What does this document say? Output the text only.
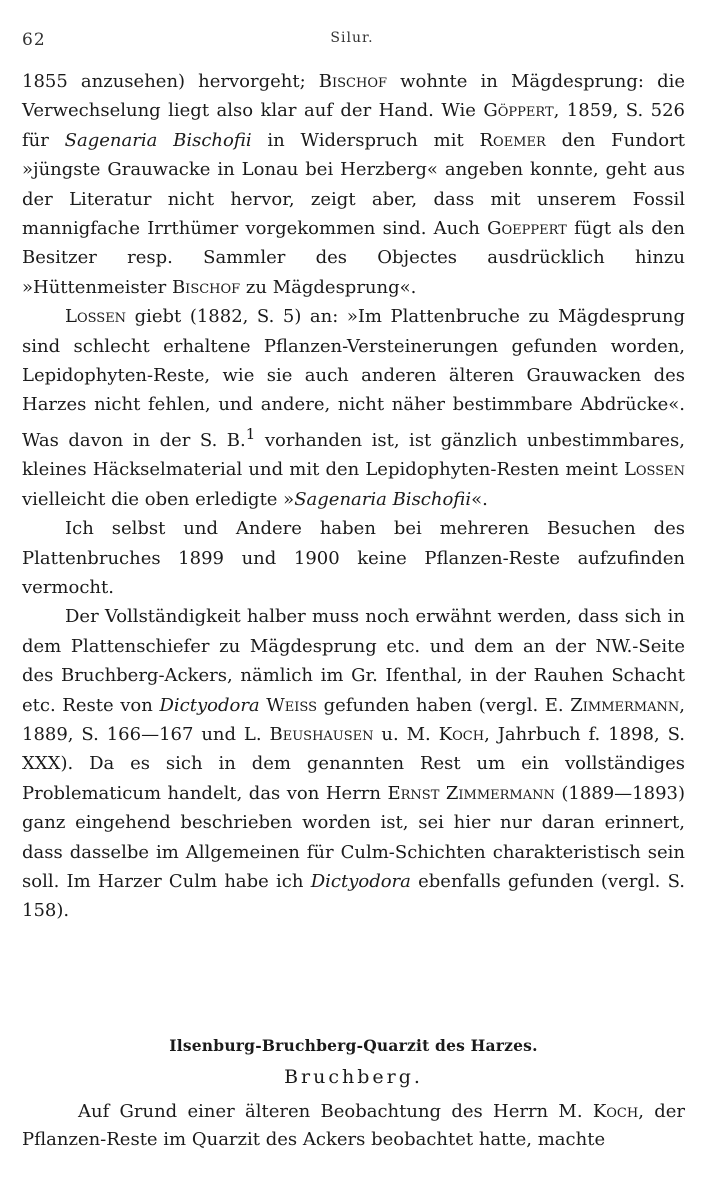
62	Silur.

1855 anzusehen) hervorgeht; Bischof wohnte in Mägdesprung: die Verwechselung liegt also klar auf der Hand. Wie Göppert, 1859, S. 526 für Sagenaria Bischofii in Widerspruch mit Roemer den Fundort »jüngste Grauwacke in Lonau bei Herzberg« angeben konnte, geht aus der Literatur nicht hervor, zeigt aber, dass mit unserem Fossil mannigfache Irrthümer vorgekommen sind. Auch Goeppert fügt als den Besitzer resp. Sammler des Objectes ausdrücklich hinzu »Hüttenmeister Bischof zu Mägdesprung«.

Lossen giebt (1882, S. 5) an: »Im Plattenbruche zu Mägdesprung sind schlecht erhaltene Pflanzen-Versteinerungen gefunden worden, Lepidophyten-Reste, wie sie auch anderen älteren Grauwacken des Harzes nicht fehlen, und andere, nicht näher bestimmbare Abdrücke«. Was davon in der S. B.$^1$ vorhanden ist, ist gänzlich unbestimmbares, kleines Häckselmaterial und mit den Lepidophyten-Resten meint Lossen vielleicht die oben erledigte »Sagenaria Bischofii«.

Ich selbst und Andere haben bei mehreren Besuchen des Plattenbruches 1899 und 1900 keine Pflanzen-Reste aufzufinden vermocht.

Der Vollständigkeit halber muss noch erwähnt werden, dass sich in dem Plattenschiefer zu Mägdesprung etc. und dem an der NW.-Seite des Bruchberg-Ackers, nämlich im Gr. Ifenthal, in der Rauhen Schacht etc. Reste von Dictyodora Weiss gefunden haben (vergl. E. Zimmermann, 1889, S. 166—167 und L. Beushausen u. M. Koch, Jahrbuch f. 1898, S. XXX). Da es sich in dem genannten Rest um ein vollständiges Problematicum handelt, das von Herrn Ernst Zimmermann (1889—1893) ganz eingehend beschrieben worden ist, sei hier nur daran erinnert, dass dasselbe im Allgemeinen für Culm-Schichten charakteristisch sein soll. Im Harzer Culm habe ich Dictyodora ebenfalls gefunden (vergl. S. 158).

Ilsenburg-Bruchberg-Quarzit des Harzes.
Bruchberg.

Auf Grund einer älteren Beobachtung des Herrn M. Koch, der Pflanzen-Reste im Quarzit des Ackers beobachtet hatte, machte
